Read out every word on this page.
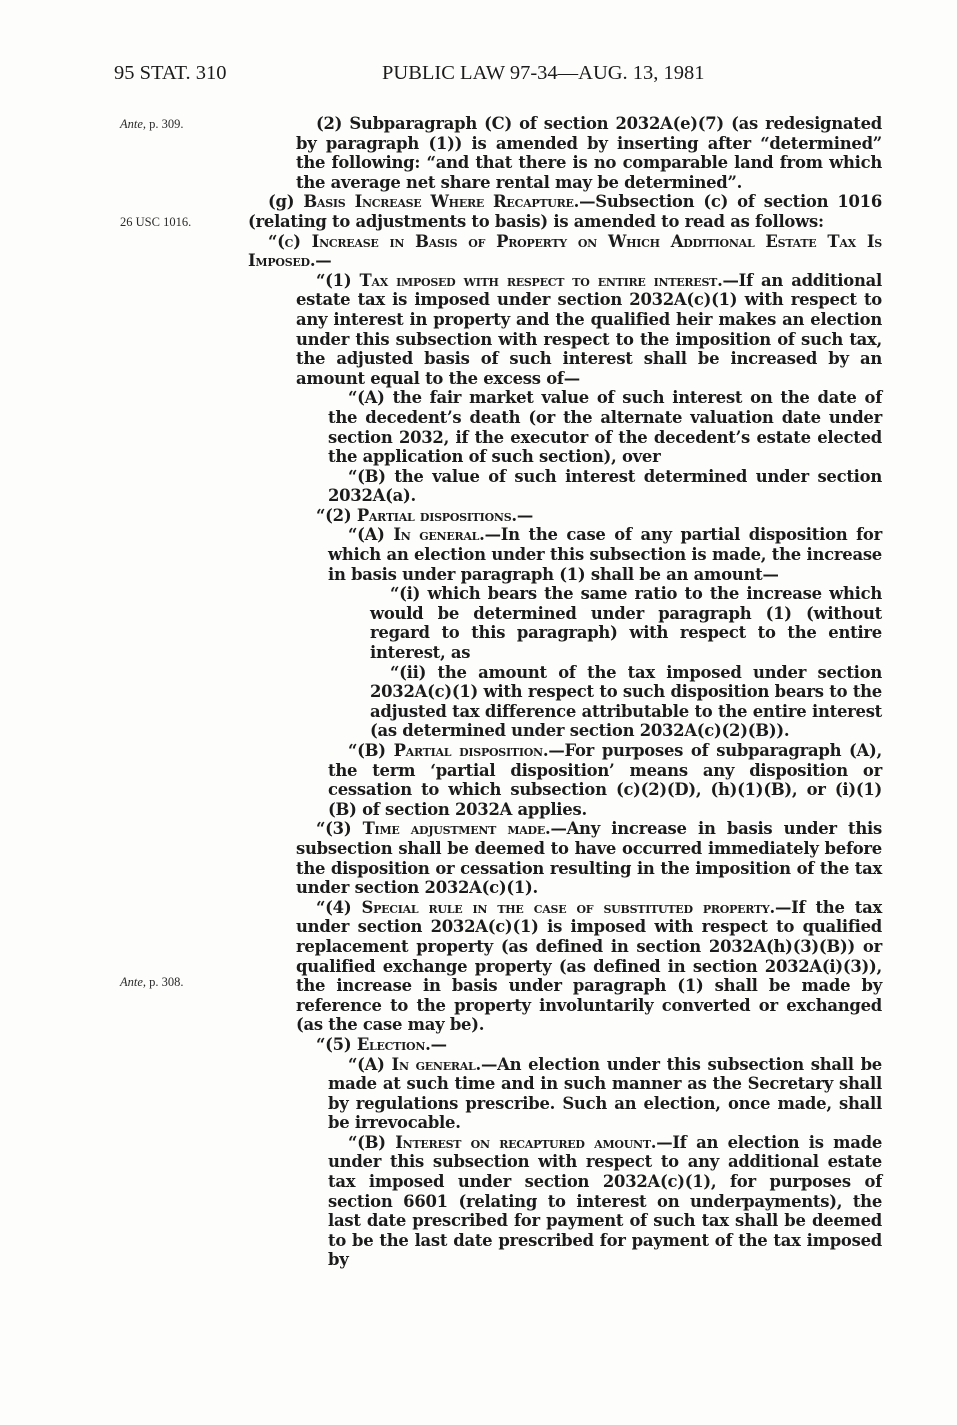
95 STAT. 310	PUBLIC LAW 97-34—AUG. 13, 1981
Ante, p. 309.
26 USC 1016.
Ante, p. 308.

(2) Subparagraph (C) of section 2032A(e)(7) (as redesignated by paragraph (1)) is amended by inserting after “determined” the following: “and that there is no comparable land from which the average net share rental may be determined”.

(g) Basis Increase Where Recapture.—Subsection (c) of section 1016 (relating to adjustments to basis) is amended to read as follows:

“(c) Increase in Basis of Property on Which Additional Estate Tax Is Imposed.—

“(1) Tax imposed with respect to entire interest.—If an additional estate tax is imposed under section 2032A(c)(1) with respect to any interest in property and the qualified heir makes an election under this subsection with respect to the imposition of such tax, the adjusted basis of such interest shall be increased by an amount equal to the excess of—

“(A) the fair market value of such interest on the date of the decedent’s death (or the alternate valuation date under section 2032, if the executor of the decedent’s estate elected the application of such section), over

“(B) the value of such interest determined under section 2032A(a).

“(2) Partial dispositions.—

“(A) In general.—In the case of any partial disposition for which an election under this subsection is made, the increase in basis under paragraph (1) shall be an amount—

“(i) which bears the same ratio to the increase which would be determined under paragraph (1) (without regard to this paragraph) with respect to the entire interest, as

“(ii) the amount of the tax imposed under section 2032A(c)(1) with respect to such disposition bears to the adjusted tax difference attributable to the entire interest (as determined under section 2032A(c)(2)(B)).

“(B) Partial disposition.—For purposes of subparagraph (A), the term ‘partial disposition’ means any disposition or cessation to which subsection (c)(2)(D), (h)(1)(B), or (i)(1)(B) of section 2032A applies.

“(3) Time adjustment made.—Any increase in basis under this subsection shall be deemed to have occurred immediately before the disposition or cessation resulting in the imposition of the tax under section 2032A(c)(1).

“(4) Special rule in the case of substituted property.—If the tax under section 2032A(c)(1) is imposed with respect to qualified replacement property (as defined in section 2032A(h)(3)(B)) or qualified exchange property (as defined in section 2032A(i)(3)), the increase in basis under paragraph (1) shall be made by reference to the property involuntarily converted or exchanged (as the case may be).

“(5) Election.—

“(A) In general.—An election under this subsection shall be made at such time and in such manner as the Secretary shall by regulations prescribe. Such an election, once made, shall be irrevocable.

“(B) Interest on recaptured amount.—If an election is made under this subsection with respect to any additional estate tax imposed under section 2032A(c)(1), for purposes of section 6601 (relating to interest on underpayments), the last date prescribed for payment of such tax shall be deemed to be the last date prescribed for payment of the tax imposed by
